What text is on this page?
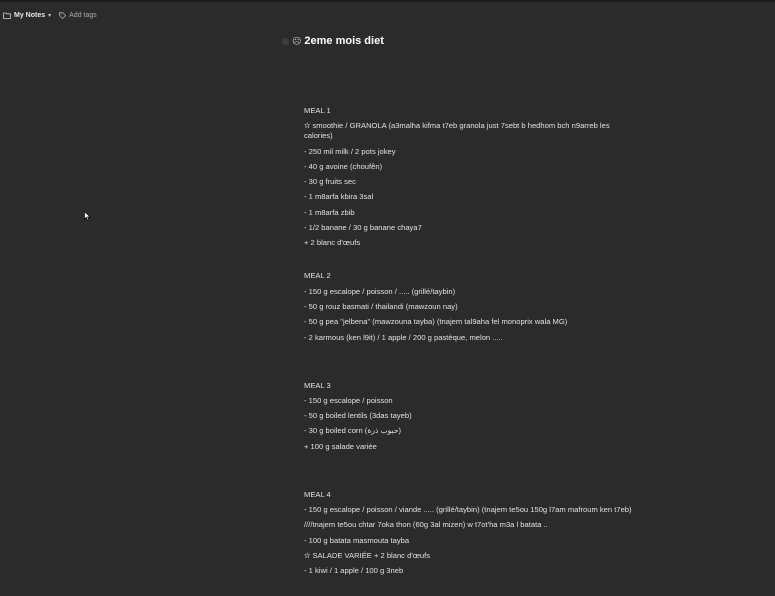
My Notes ▾	Add tags
☹ 2eme mois diet
MEAL 1
✫ smoothie / GRANOLA (a3malha kifma t7eb granola just 7sebt b hedhom bch n9arreb les calories)
- 250 mil milk / 2 pots jokey
- 40 g avoine (choufên)
- 30 g fruits sec
- 1 m8arfa kbira 3sal
- 1 m8arfa zbib
- 1/2 banane / 30 g banane chaya7
+ 2 blanc d'œufs
MEAL 2
- 150 g escalope / poisson / ..... (grillé/taybin)
- 50 g rouz basmati / thailandi (mawzoun nay)
- 50 g pea "jelbena" (mawzouna tayba) (tnajem tal9aha fel monoprix wala MG)
- 2 karmous (ken l9it) / 1 apple / 200 g pastèque, melon .....
MEAL 3
- 150 g escalope / poisson
- 50 g boiled lentils (3das tayeb)
- 30 g boiled corn (حبوب ذرة)
+ 100 g salade variée
MEAL 4
- 150 g escalope / poisson / viande ..... (grillé/taybin) (tnajem te5ou 150g l7am mafroum ken t7eb)
////tnajem te5ou chtar 7oka thon (60g 3al mizen) w t7ot'ha m3a l batata ..
- 100 g batata masmouta tayba
✫ SALADE VARIÉE + 2 blanc d'œufs
- 1 kiwi / 1 apple / 100 g 3neb
